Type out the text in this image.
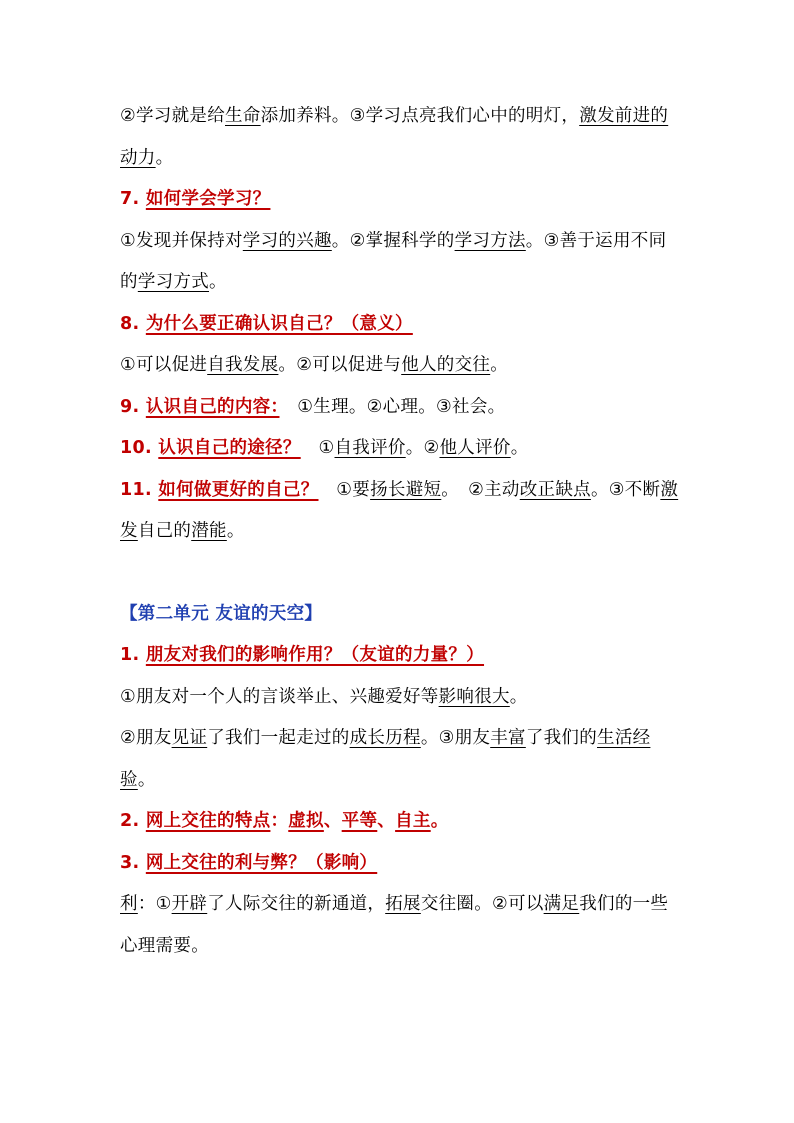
②学习就是给生命添加养料。③学习点亮我们心中的明灯，激发前进的动力。

7. 如何学会学习？

①发现并保持对学习的兴趣。②掌握科学的学习方法。③善于运用不同的学习方式。

8. 为什么要正确认识自己？（意义）

①可以促进自我发展。②可以促进与他人的交往。

9. 认识自己的内容：　①生理。②心理。③社会。

10. 认识自己的途径？　①自我评价。②他人评价。

11. 如何做更好的自己？　①要扬长避短。　②主动改正缺点。③不断激发自己的潜能。

【第二单元 友谊的天空】

1. 朋友对我们的影响作用？（友谊的力量？）

①朋友对一个人的言谈举止、兴趣爱好等影响很大。

②朋友见证了我们一起走过的成长历程。③朋友丰富了我们的生活经验。

2. 网上交往的特点：虚拟、平等、自主。

3. 网上交往的利与弊？（影响）

利：①开辟了人际交往的新通道，拓展交往圈。②可以满足我们的一些心理需要。
